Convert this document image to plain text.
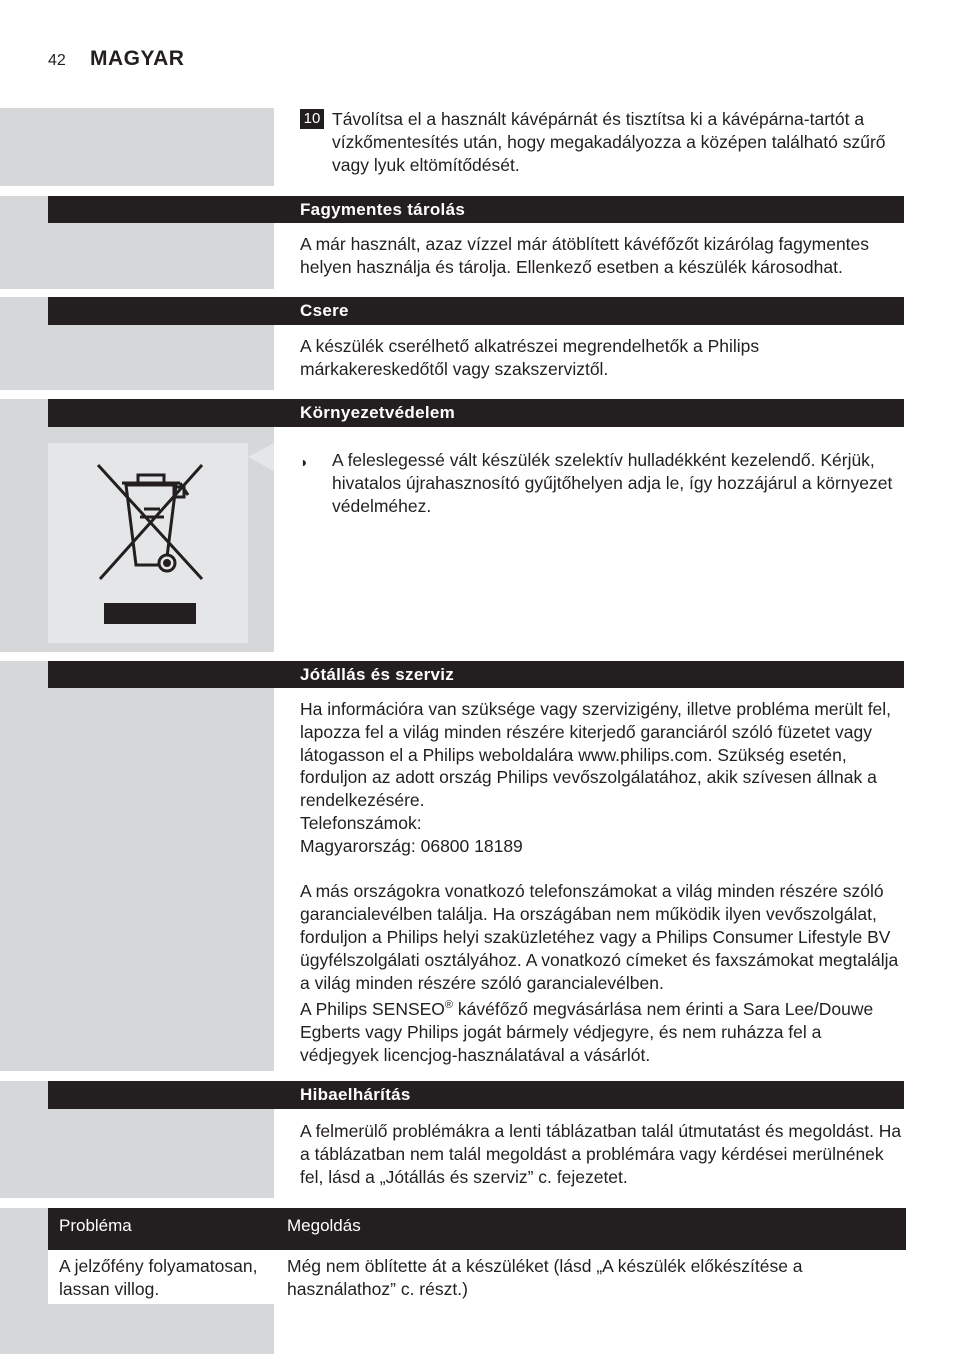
42 MAGYAR
10 Távolítsa el a használt kávépárnát és tisztítsa ki a kávépárna-tartót a vízkőmentesítés után, hogy megakadályozza a középen található szűrő vagy lyuk eltömítődését.
Fagymentes tárolás
A már használt, azaz vízzel már átöblített kávéfőzőt kizárólag fagymentes helyen használja és tárolja. Ellenkező esetben a készülék károsodhat.
Csere
A készülék cserélhető alkatrészei megrendelhetők a Philips márkakereskedőtől vagy szakszerviztől.
Környezetvédelem
◗ A feleslegessé vált készülék szelektív hulladékként kezelendő. Kérjük, hivatalos újrahasznosító gyűjtőhelyen adja le, így hozzájárul a környezet védelméhez.
Jótállás és szerviz
Ha információra van szüksége vagy szervizigény, illetve probléma merült fel, lapozza fel a világ minden részére kiterjedő garanciáról szóló füzetet vagy látogasson el a Philips weboldalára www.philips.com. Szükség esetén, forduljon az adott ország Philips vevőszolgálatához, akik szívesen állnak a rendelkezésére.
Telefonszámok:
Magyarország: 06800 18189
A más országokra vonatkozó telefonszámokat a világ minden részére szóló garancialevélben találja. Ha országában nem működik ilyen vevőszolgálat, forduljon a Philips helyi szaküzletéhez vagy a Philips Consumer Lifestyle BV ügyfélszolgálati osztályához. A vonatkozó címeket és faxszámokat megtalálja a világ minden részére szóló garancialevélben.
A Philips SENSEO® kávéfőző megvásárlása nem érinti a Sara Lee/Douwe Egberts vagy Philips jogát bármely védjegyre, és nem ruházza fel a védjegyek licencjog-használatával a vásárlót.
Hibaelhárítás
A felmerülő problémákra a lenti táblázatban talál útmutatást és megoldást. Ha a táblázatban nem talál megoldást a problémára vagy kérdései merülnének fel, lásd a „Jótállás és szerviz” c. fejezetet.
Probléma	Megoldás
A jelzőfény folyamatosan, lassan villog.
Még nem öblítette át a készüléket (lásd „A készülék előkészítése a használathoz” c. részt.)
